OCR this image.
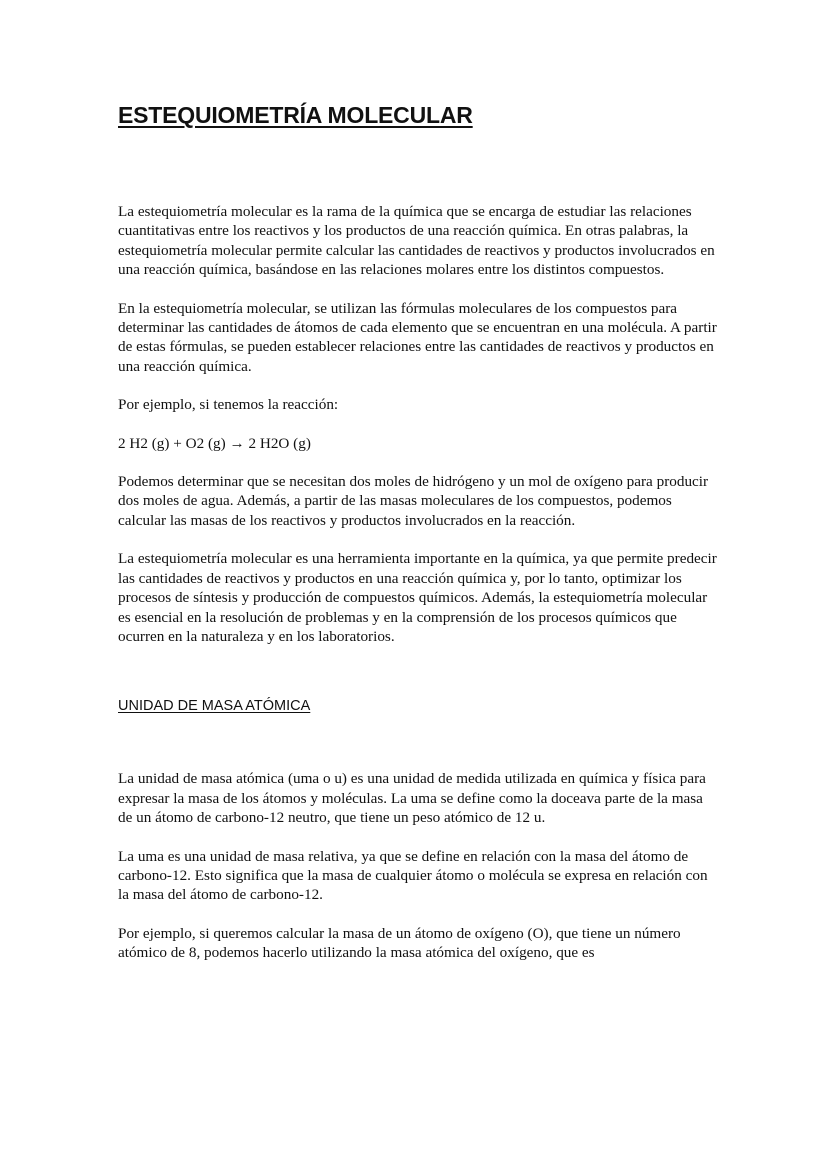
ESTEQUIOMETRÍA MOLECULAR

La estequiometría molecular es la rama de la química que se encarga de estudiar las relaciones cuantitativas entre los reactivos y los productos de una reacción química. En otras palabras, la estequiometría molecular permite calcular las cantidades de reactivos y productos involucrados en una reacción química, basándose en las relaciones molares entre los distintos compuestos.

En la estequiometría molecular, se utilizan las fórmulas moleculares de los compuestos para determinar las cantidades de átomos de cada elemento que se encuentran en una molécula. A partir de estas fórmulas, se pueden establecer relaciones entre las cantidades de reactivos y productos en una reacción química.

Por ejemplo, si tenemos la reacción:

2 H2 (g) + O2 (g) → 2 H2O (g)

Podemos determinar que se necesitan dos moles de hidrógeno y un mol de oxígeno para producir dos moles de agua. Además, a partir de las masas moleculares de los compuestos, podemos calcular las masas de los reactivos y productos involucrados en la reacción.

La estequiometría molecular es una herramienta importante en la química, ya que permite predecir las cantidades de reactivos y productos en una reacción química y, por lo tanto, optimizar los procesos de síntesis y producción de compuestos químicos. Además, la estequiometría molecular es esencial en la resolución de problemas y en la comprensión de los procesos químicos que ocurren en la naturaleza y en los laboratorios.

UNIDAD DE MASA ATÓMICA

La unidad de masa atómica (uma o u) es una unidad de medida utilizada en química y física para expresar la masa de los átomos y moléculas. La uma se define como la doceava parte de la masa de un átomo de carbono-12 neutro, que tiene un peso atómico de 12 u.

La uma es una unidad de masa relativa, ya que se define en relación con la masa del átomo de carbono-12. Esto significa que la masa de cualquier átomo o molécula se expresa en relación con la masa del átomo de carbono-12.

Por ejemplo, si queremos calcular la masa de un átomo de oxígeno (O), que tiene un número atómico de 8, podemos hacerlo utilizando la masa atómica del oxígeno, que es
